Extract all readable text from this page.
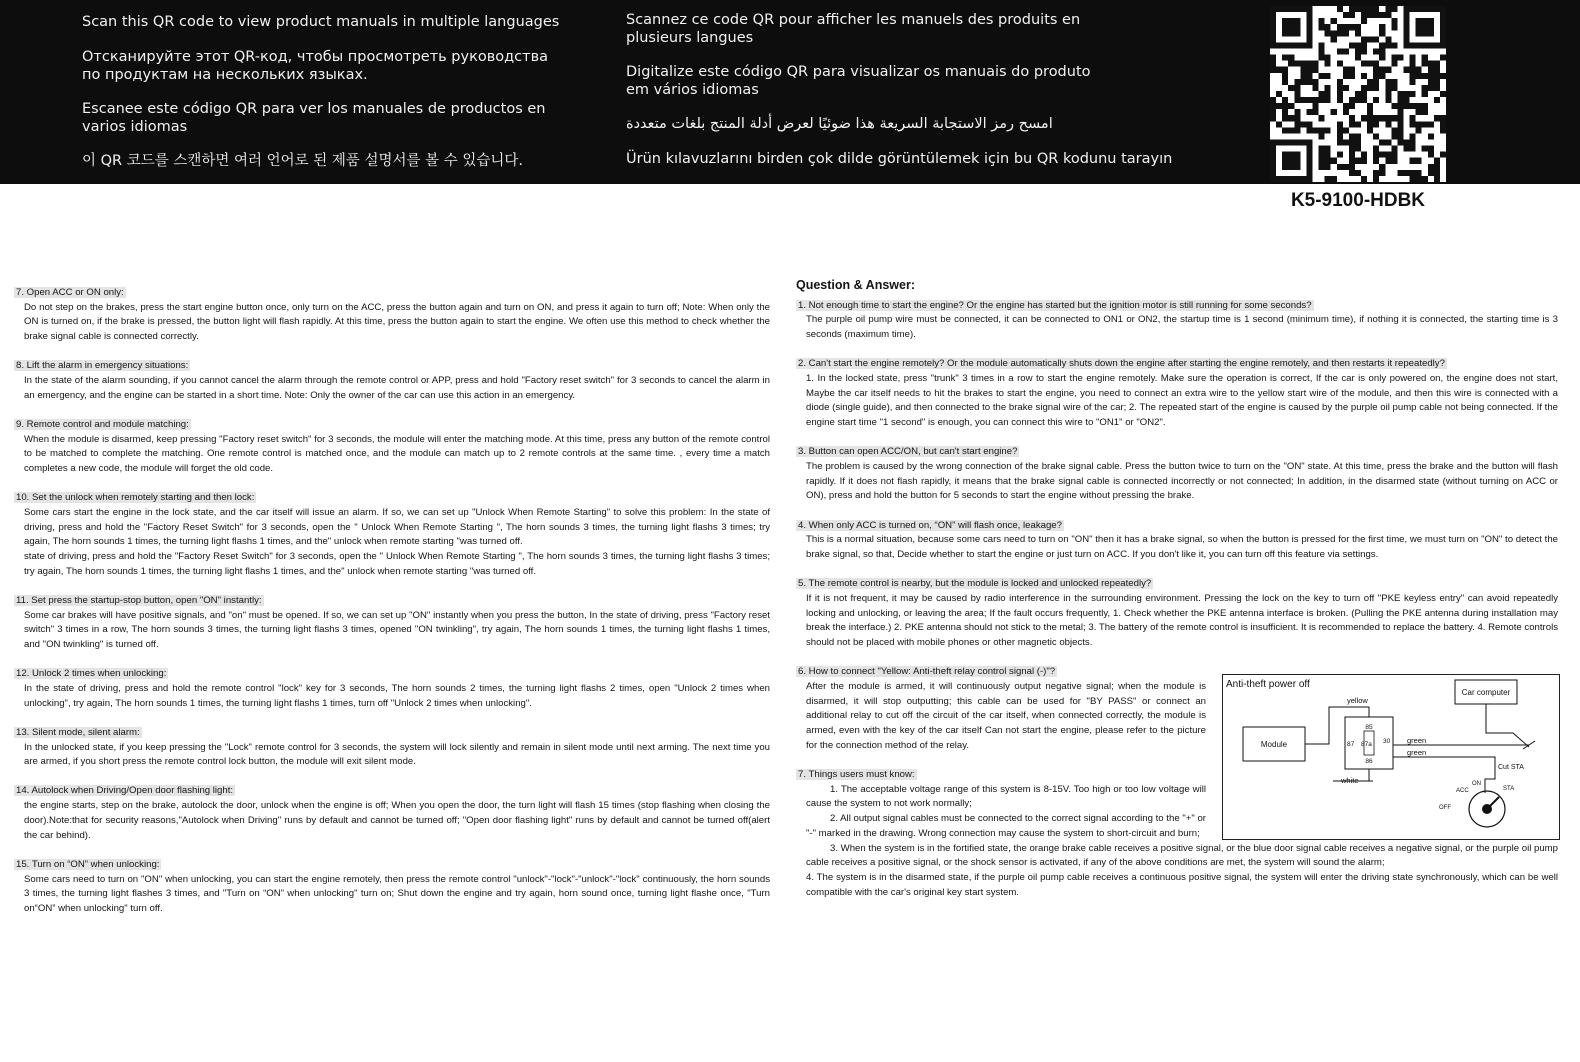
Scan this QR code to view product manuals in multiple languages
Отсканируйте этот QR-код, чтобы просмотреть руководства
по продуктам на нескольких языках.
Escanee este código QR para ver los manuales de productos en
varios idiomas
이 QR 코드를 스캔하면 여러 언어로 된 제품 설명서를 볼 수 있습니다.
Scannez ce code QR pour afficher les manuels des produits en
plusieurs langues
Digitalize este código QR para visualizar os manuais do produto
em vários idiomas
امسح رمز الاستجابة السريعة هذا ضوئيًا لعرض أدلة المنتج بلغات متعددة
Ürün kılavuzlarını birden çok dilde görüntülemek için bu QR kodunu tarayın
K5-9100-HDBK
7. Open ACC or ON only:
Do not step on the brakes, press the start engine button once, only turn on the ACC, press the button again and turn on ON, and press it again to turn off; Note: When only the ON is turned on, if the brake is pressed, the button light will flash rapidly. At this time, press the button again to start the engine. We often use this method to check whether the brake signal cable is connected correctly.
8. Lift the alarm in emergency situations:
In the state of the alarm sounding, if you cannot cancel the alarm through the remote control or APP, press and hold "Factory reset switch" for 3 seconds to cancel the alarm in an emergency, and the engine can be started in a short time. Note: Only the owner of the car can use this action in an emergency.
9. Remote control and module matching:
When the module is disarmed, keep pressing "Factory reset switch" for 3 seconds, the module will enter the matching mode. At this time, press any button of the remote control to be matched to complete the matching. One remote control is matched once, and the module can match up to 2 remote controls at the same time. , every time a match completes a new code, the module will forget the old code.
10. Set the unlock when remotely starting and then lock:
Some cars start the engine in the lock state, and the car itself will issue an alarm. If so, we can set up "Unlock When Remote Starting" to solve this problem: In the state of driving, press and hold the "Factory Reset Switch" for 3 seconds, open the " Unlock When Remote Starting ", The horn sounds 3 times, the turning light flashs 3 times; try again, The horn sounds 1 times, the turning light flashs 1 times, and the" unlock when remote starting "was turned off.
state of driving, press and hold the "Factory Reset Switch" for 3 seconds, open the " Unlock When Remote Starting ", The horn sounds 3 times, the turning light flashs 3 times; try again, The horn sounds 1 times, the turning light flashs 1 times, and the" unlock when remote starting "was turned off.
11. Set press the startup-stop button, open "ON" instantly:
Some car brakes will have positive signals, and "on" must be opened. If so, we can set up "ON" instantly when you press the button, In the state of driving, press "Factory reset switch" 3 times in a row, The horn sounds 3 times, the turning light flashs 3 times, opened "ON twinkling", try again, The horn sounds 1 times, the turning light flashs 1 times, and "ON twinkling" is turned off.
12. Unlock 2 times when unlocking:
In the state of driving, press and hold the remote control "lock" key for 3 seconds, The horn sounds 2 times, the turning light flashs 2 times, open "Unlock 2 times when unlocking", try again, The horn sounds 1 times, the turning light flashs 1 times, turn off "Unlock 2 times when unlocking".
13. Silent mode, silent alarm:
In the unlocked state, if you keep pressing the "Lock" remote control for 3 seconds, the system will lock silently and remain in silent mode until next arming. The next time you are armed, if you short press the remote control lock button, the module will exit silent mode.
14. Autolock when Driving/Open door flashing light:
the engine starts, step on the brake, autolock the door, unlock when the engine is off; When you open the door, the turn light will flash 15 times (stop flashing when closing the door).Note:that for security reasons,"Autolock when Driving" runs by default and cannot be turned off; "Open door flashing light" runs by default and cannot be turned off(alert the car behind).
15. Turn on “ON” when unlocking:
Some cars need to turn on "ON" when unlocking, you can start the engine remotely, then press the remote control "unlock"-"lock"-"unlock"-"lock" continuously, the horn sounds 3 times, the turning light flashes 3 times, and "Turn on “ON” when unlocking" turn on; Shut down the engine and try again, horn sound once, turning light flashe once, "Turn on“ON” when unlocking" turn off.
Question & Answer:
1. Not enough time to start the engine? Or the engine has started but the ignition motor is still running for some seconds?
The purple oil pump wire must be connected, it can be connected to ON1 or ON2, the startup time is 1 second (minimum time), if nothing it is connected, the starting time is 3 seconds (maximum time).
2. Can't start the engine remotely? Or the module automatically shuts down the engine after starting the engine remotely, and then restarts it repeatedly?
1. In the locked state, press "trunk" 3 times in a row to start the engine remotely. Make sure the operation is correct, If the car is only powered on, the engine does not start, Maybe the car itself needs to hit the brakes to start the engine, you need to connect an extra wire to the yellow start wire of the module, and then this wire is connected with a diode (single guide), and then connected to the brake signal wire of the car; 2. The repeated start of the engine is caused by the purple oil pump cable not being connected. If the engine start time "1 second" is enough, you can connect this wire to "ON1" or "ON2".
3. Button can open ACC/ON, but can't start engine?
The problem is caused by the wrong connection of the brake signal cable. Press the button twice to turn on the "ON" state. At this time, press the brake and the button will flash rapidly. If it does not flash rapidly, it means that the brake signal cable is connected incorrectly or not connected; In addition, in the disarmed state (without turning on ACC or ON), press and hold the button for 5 seconds to start the engine without pressing the brake.
4. When only ACC is turned on, “ON” will flash once, leakage?
This is a normal situation, because some cars need to turn on "ON" then it has a brake signal, so when the button is pressed for the first time, we must turn on "ON" to detect the brake signal, so that, Decide whether to start the engine or just turn on ACC. If you don't like it, you can turn off this feature via settings.
5. The remote control is nearby, but the module is locked and unlocked repeatedly?
If it is not frequent, it may be caused by radio interference in the surrounding environment. Pressing the lock on the key to turn off "PKE keyless entry" can avoid repeatedly locking and unlocking, or leaving the area; If the fault occurs frequently, 1. Check whether the PKE antenna interface is broken. (Pulling the PKE antenna during installation may break the interface.) 2. PKE antenna should not stick to the metal; 3. The battery of the remote control is insufficient. It is recommended to replace the battery. 4. Remote controls should not be placed with mobile phones or other magnetic objects.
6. How to connect "Yellow: Anti-theft relay control signal (-)"?
After the module is armed, it will continuously output negative signal; when the module is disarmed, it will stop outputting; this cable can be used for "BY PASS" or connect an additional relay to cut off the circuit of the car itself, when connected correctly, the module is armed, even with the key of the car itself Can not start the engine, please refer to the picture for the connection method of the relay.
7. Things users must know:
1. The acceptable voltage range of this system is 8-15V. Too high or too low voltage will cause the system to not work normally;
2. All output signal cables must be connected to the correct signal according to the "+" or "-" marked in the drawing. Wrong connection may cause the system to short-circuit and burn;
3. When the system is in the fortified state, the orange brake cable receives a positive signal, or the blue door signal cable receives a negative signal, or the purple oil pump cable receives a positive signal, or the shock sensor is activated, if any of the above conditions are met, the system will sound the alarm;
4. The system is in the disarmed state, if the purple oil pump cable receives a continuous positive signal, the system will enter the driving state synchronously, which can be well compatible with the car's original key start system.
Anti-theft power off
Car computer
Module
85
87 87a 30
86
yellow
white
green
green
Cut STA
ACC
ON
STA
OFF
